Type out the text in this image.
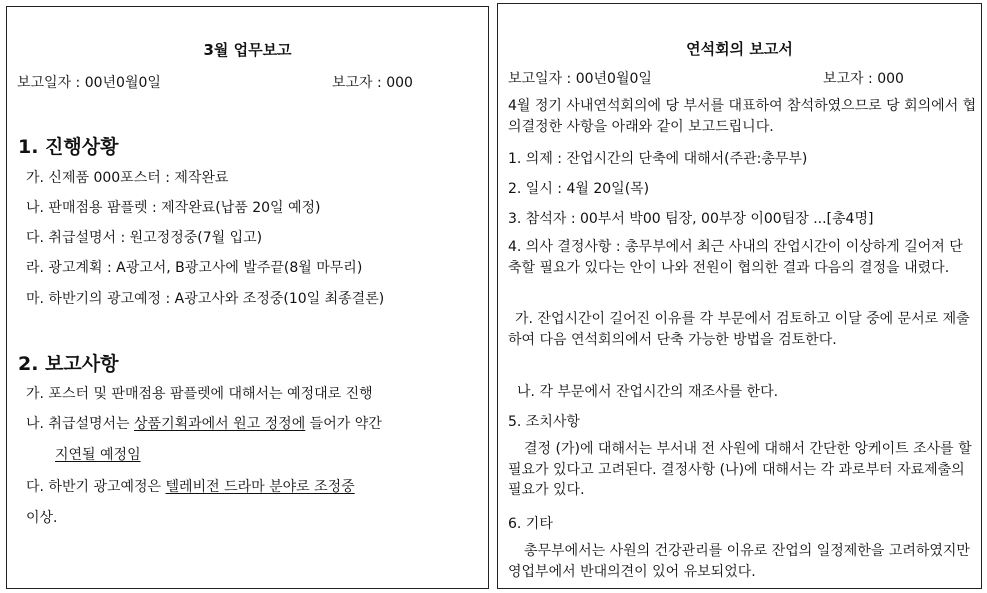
3월 업무보고
보고일자 : 00년0월0일	보고자 : 000
1. 진행상황
가. 신제품 000포스터 : 제작완료
나. 판매점용 팜플렛 : 제작완료(납품 20일 예정)
다. 취급설명서 : 원고정정중(7월 입고)
라. 광고계획 : A광고서, B광고사에 발주끝(8월 마무리)
마. 하반기의 광고예정 : A광고사와 조정중(10일 최종결론)
2. 보고사항
가. 포스터 및 판매점용 팜플렛에 대해서는 예정대로 진행
나. 취급설명서는 상품기획과에서 원고 정정에 들어가 약간
지연될 예정임
다. 하반기 광고예정은 텔레비전 드라마 분야로 조정중
이상.
연석회의 보고서
보고일자 : 00년0월0일	보고자 : 000
4월 정기 사내연석회의에 당 부서를 대표하여 참석하였으므로 당 회의에서 협의결정한 사항을 아래와 같이 보고드립니다.
1. 의제 : 잔업시간의 단축에 대해서(주관:총무부)
2. 일시 : 4월 20일(목)
3. 참석자 : 00부서 박00 팀장, 00부장 이00팀장 ...[총4명]
4. 의사 결정사항 : 총무부에서 최근 사내의 잔업시간이 이상하게 길어져 단축할 필요가 있다는 안이 나와 전원이 협의한 결과 다음의 결정을 내렸다.
가. 잔업시간이 길어진 이유를 각 부문에서 검토하고 이달 중에 문서로 제출하여 다음 연석회의에서 단축 가능한 방법을 검토한다.
나. 각 부문에서 잔업시간의 재조사를 한다.
5. 조치사항
결정 (가)에 대해서는 부서내 전 사원에 대해서 간단한 앙케이트 조사를 할 필요가 있다고 고려된다. 결정사항 (나)에 대해서는 각 과로부터 자료제출의 필요가 있다.
6. 기타
총무부에서는 사원의 건강관리를 이유로 잔업의 일정제한을 고려하였지만 영업부에서 반대의견이 있어 유보되었다.
